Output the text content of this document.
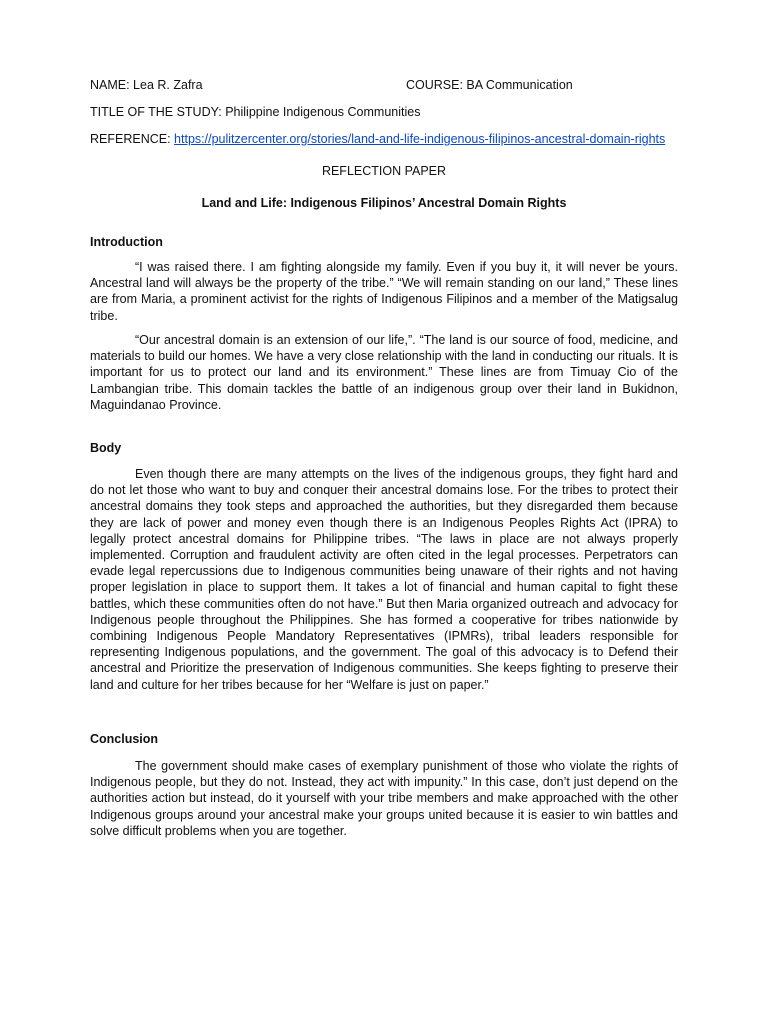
NAME: Lea R. Zafra	COURSE: BA Communication
TITLE OF THE STUDY: Philippine Indigenous Communities
REFERENCE: https://pulitzercenter.org/stories/land-and-life-indigenous-filipinos-ancestral-domain-rights
REFLECTION PAPER
Land and Life: Indigenous Filipinos’ Ancestral Domain Rights
Introduction
“I was raised there. I am fighting alongside my family. Even if you buy it, it will never be yours. Ancestral land will always be the property of the tribe.” “We will remain standing on our land,” These lines are from Maria, a prominent activist for the rights of Indigenous Filipinos and a member of the Matigsalug tribe.
“Our ancestral domain is an extension of our life,”. “The land is our source of food, medicine, and materials to build our homes. We have a very close relationship with the land in conducting our rituals. It is important for us to protect our land and its environment.” These lines are from Timuay Cio of the Lambangian tribe. This domain tackles the battle of an indigenous group over their land in Bukidnon, Maguindanao Province.
Body
Even though there are many attempts on the lives of the indigenous groups, they fight hard and do not let those who want to buy and conquer their ancestral domains lose. For the tribes to protect their ancestral domains they took steps and approached the authorities, but they disregarded them because they are lack of power and money even though there is an Indigenous Peoples Rights Act (IPRA) to legally protect ancestral domains for Philippine tribes. “The laws in place are not always properly implemented. Corruption and fraudulent activity are often cited in the legal processes. Perpetrators can evade legal repercussions due to Indigenous communities being unaware of their rights and not having proper legislation in place to support them. It takes a lot of financial and human capital to fight these battles, which these communities often do not have.” But then Maria organized outreach and advocacy for Indigenous people throughout the Philippines. She has formed a cooperative for tribes nationwide by combining Indigenous People Mandatory Representatives (IPMRs), tribal leaders responsible for representing Indigenous populations, and the government. The goal of this advocacy is to Defend their ancestral and Prioritize the preservation of Indigenous communities. She keeps fighting to preserve their land and culture for her tribes because for her “Welfare is just on paper.”
Conclusion
The government should make cases of exemplary punishment of those who violate the rights of Indigenous people, but they do not. Instead, they act with impunity.” In this case, don’t just depend on the authorities action but instead, do it yourself with your tribe members and make approached with the other Indigenous groups around your ancestral make your groups united because it is easier to win battles and solve difficult problems when you are together.
